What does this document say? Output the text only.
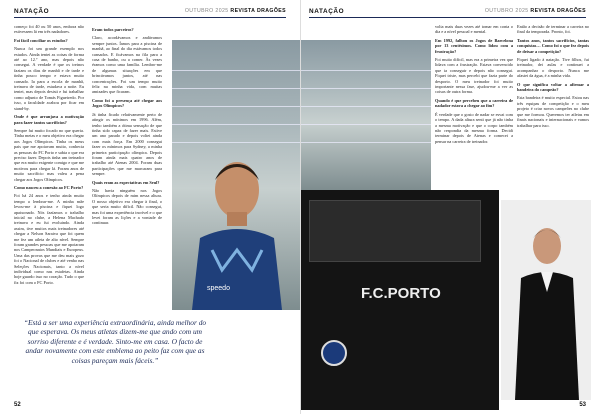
NATAÇÃO	OUTUBRO 2025 REVISTA DRAGÕES

começo foi 40 ou 50 anos, embora não estivessem lá em três nadadores.

Foi fácil conciliar os estudos?

Nunca foi um grande exemplo nos estudos. Ainda tentei as coisas de forma até ao 12.º ano, mas depois não consegui. A verdade é que os treinos faziam os dias de manhã e de tarde e tinha pouco tempo e estava muito cansado. Ia para a escola de manhã, treinava de tarde, estudava a noite. Eu tentei, mas depois desisti e fui trabalhar como adjunto de Tomás Figueiredo. Por isso, a faculdade acabou por ficar em stand-by.

Onde é que arranjava a motivação para fazer tantos sacrifícios?

Sempre fui muito focado no que queria. Tinha metas e o meu objetivo era chegar aos Jogos Olímpicos. Tinha os meus pais que me apoiavam muito, conhecia as pessoas do FC Porto e sabia o que era preciso fazer. Depois tinha um treinador que era muito exigente comigo e que me motivou para chegar lá. Foram anos de muito sacrifício mas valeu a pena chegar aos Jogos Olímpicos.

Como nasceu a conexão ao FC Porto?

Foi há 24 anos e tenho ainda muito tempo a lembrar-me. A minha mãe levou-me à piscina e fiquei logo apaixonado. Nós fazíamos o trabalho inicial no clube, a Helena Machado treinava e eu fui evoluindo. Ainda assim, tive muitos mais treinadores até chegar a Nelson Saraiva que foi quem me fez um atleta de alto nível. Sempre foram grandes pessoas que me apoiaram nos Campeonatos Mundiais e Europeus. Uma das provas que me deu mais gozo foi o Nacional de clubes e até venho nas Seleções Nacionais, tanto a nível individual como nas estafetas. Ainda hoje guardo isso no coração. Tudo o que fiz foi com o FC Porto.

Eram todos parceiros?

Claro, acordávamos e andávamos sempre juntos. Íamos para a piscina de manhã, ao final do dia estávamos todos cansados. E ficávamos na fila para a casa de banho, ou a comer. Às vezes éramos como uma família. Lembro-me de algumas situações em que brincávamos juntos, até nas concentrações. Foi um tempo muito feliz na minha vida, com muitas amizades que ficaram.

Como foi a presença até chegar aos Jogos Olímpicos?

Já tinha ficado relativamente perto de atingir os mínimos em 1996. Além, tenho também a ótima sensação de que tinha sido capaz de fazer mais. Estive um ano parado e depois voltei ainda com mais força. Em 2000 consegui fazer os mínimos para Sydney, a minha primeira participação olímpica. Depois foram ainda mais quatro anos de trabalho até Atenas 2004. Foram duas participações que me marcaram para sempre.

Quais eram as expectativas em Seul?

Não havia ninguém nos Jogos Olímpicos depois de mim nessa altura. O nosso objetivo era chegar à final, o que seria muito difícil. Não consegui, mas foi uma experiência incrível e o que levei foram as lições e a vontade de continuar.

speedo
“Está a ser uma experiência extraordinária, ainda melhor do que esperava. Os meus atletas dizem-me que ando com um sorriso diferente e é verdade. Sinto-me em casa. O facto de andar novamente com este emblema ao peito faz com que as coisas pareçam mais fáceis.”
52
NATAÇÃO	OUTUBRO 2025 REVISTA DRAGÕES
F.C.PORTO

volta mais duas vezes até tomar em conta o dia e a nível pessoal e mental.

Em 1992, falhou os Jogos de Barcelona por 13 centésimos. Como lidou com a frustração?

Foi muito difícil, mas era a primeira vez que lidava com a frustração. Estava convencido que ia conseguir e depois não consegui. Fiquei triste, mas percebi que fazia parte do desporto. O meu treinador foi muito importante nessa fase, ajudou-me a ver as coisas de outra forma.

Quando é que percebeu que a carreira de nadador estava a chegar ao fim?

É verdade que o gosto de nadar se esvai com o tempo. A dada altura senti que já não tinha a mesma motivação e que o corpo também não respondia da mesma forma. Decidi terminar depois de Atenas e comecei a pensar na carreira de treinador.

Então a decisão de terminar a carreira no final da temporada. Pronto, foi.

Tantos anos, tantos sacrifícios, tantas conquistas… Como foi o que fez depois de deixar a competição?

Fiquei ligado à natação. Tive filhos, fui treinador, dei aulas e continuei a acompanhar o desporto. Nunca me afastei da água, é a minha vida.

O que significa voltar a afirmar a bandeira do campeão?

Esta bandeira é muito especial. Estou nas três equipas de competição e o meu projeto é criar novos campeões no clube que me formou. Queremos ter atletas em finais nacionais e internacionais e vamos trabalhar para isso.

53
